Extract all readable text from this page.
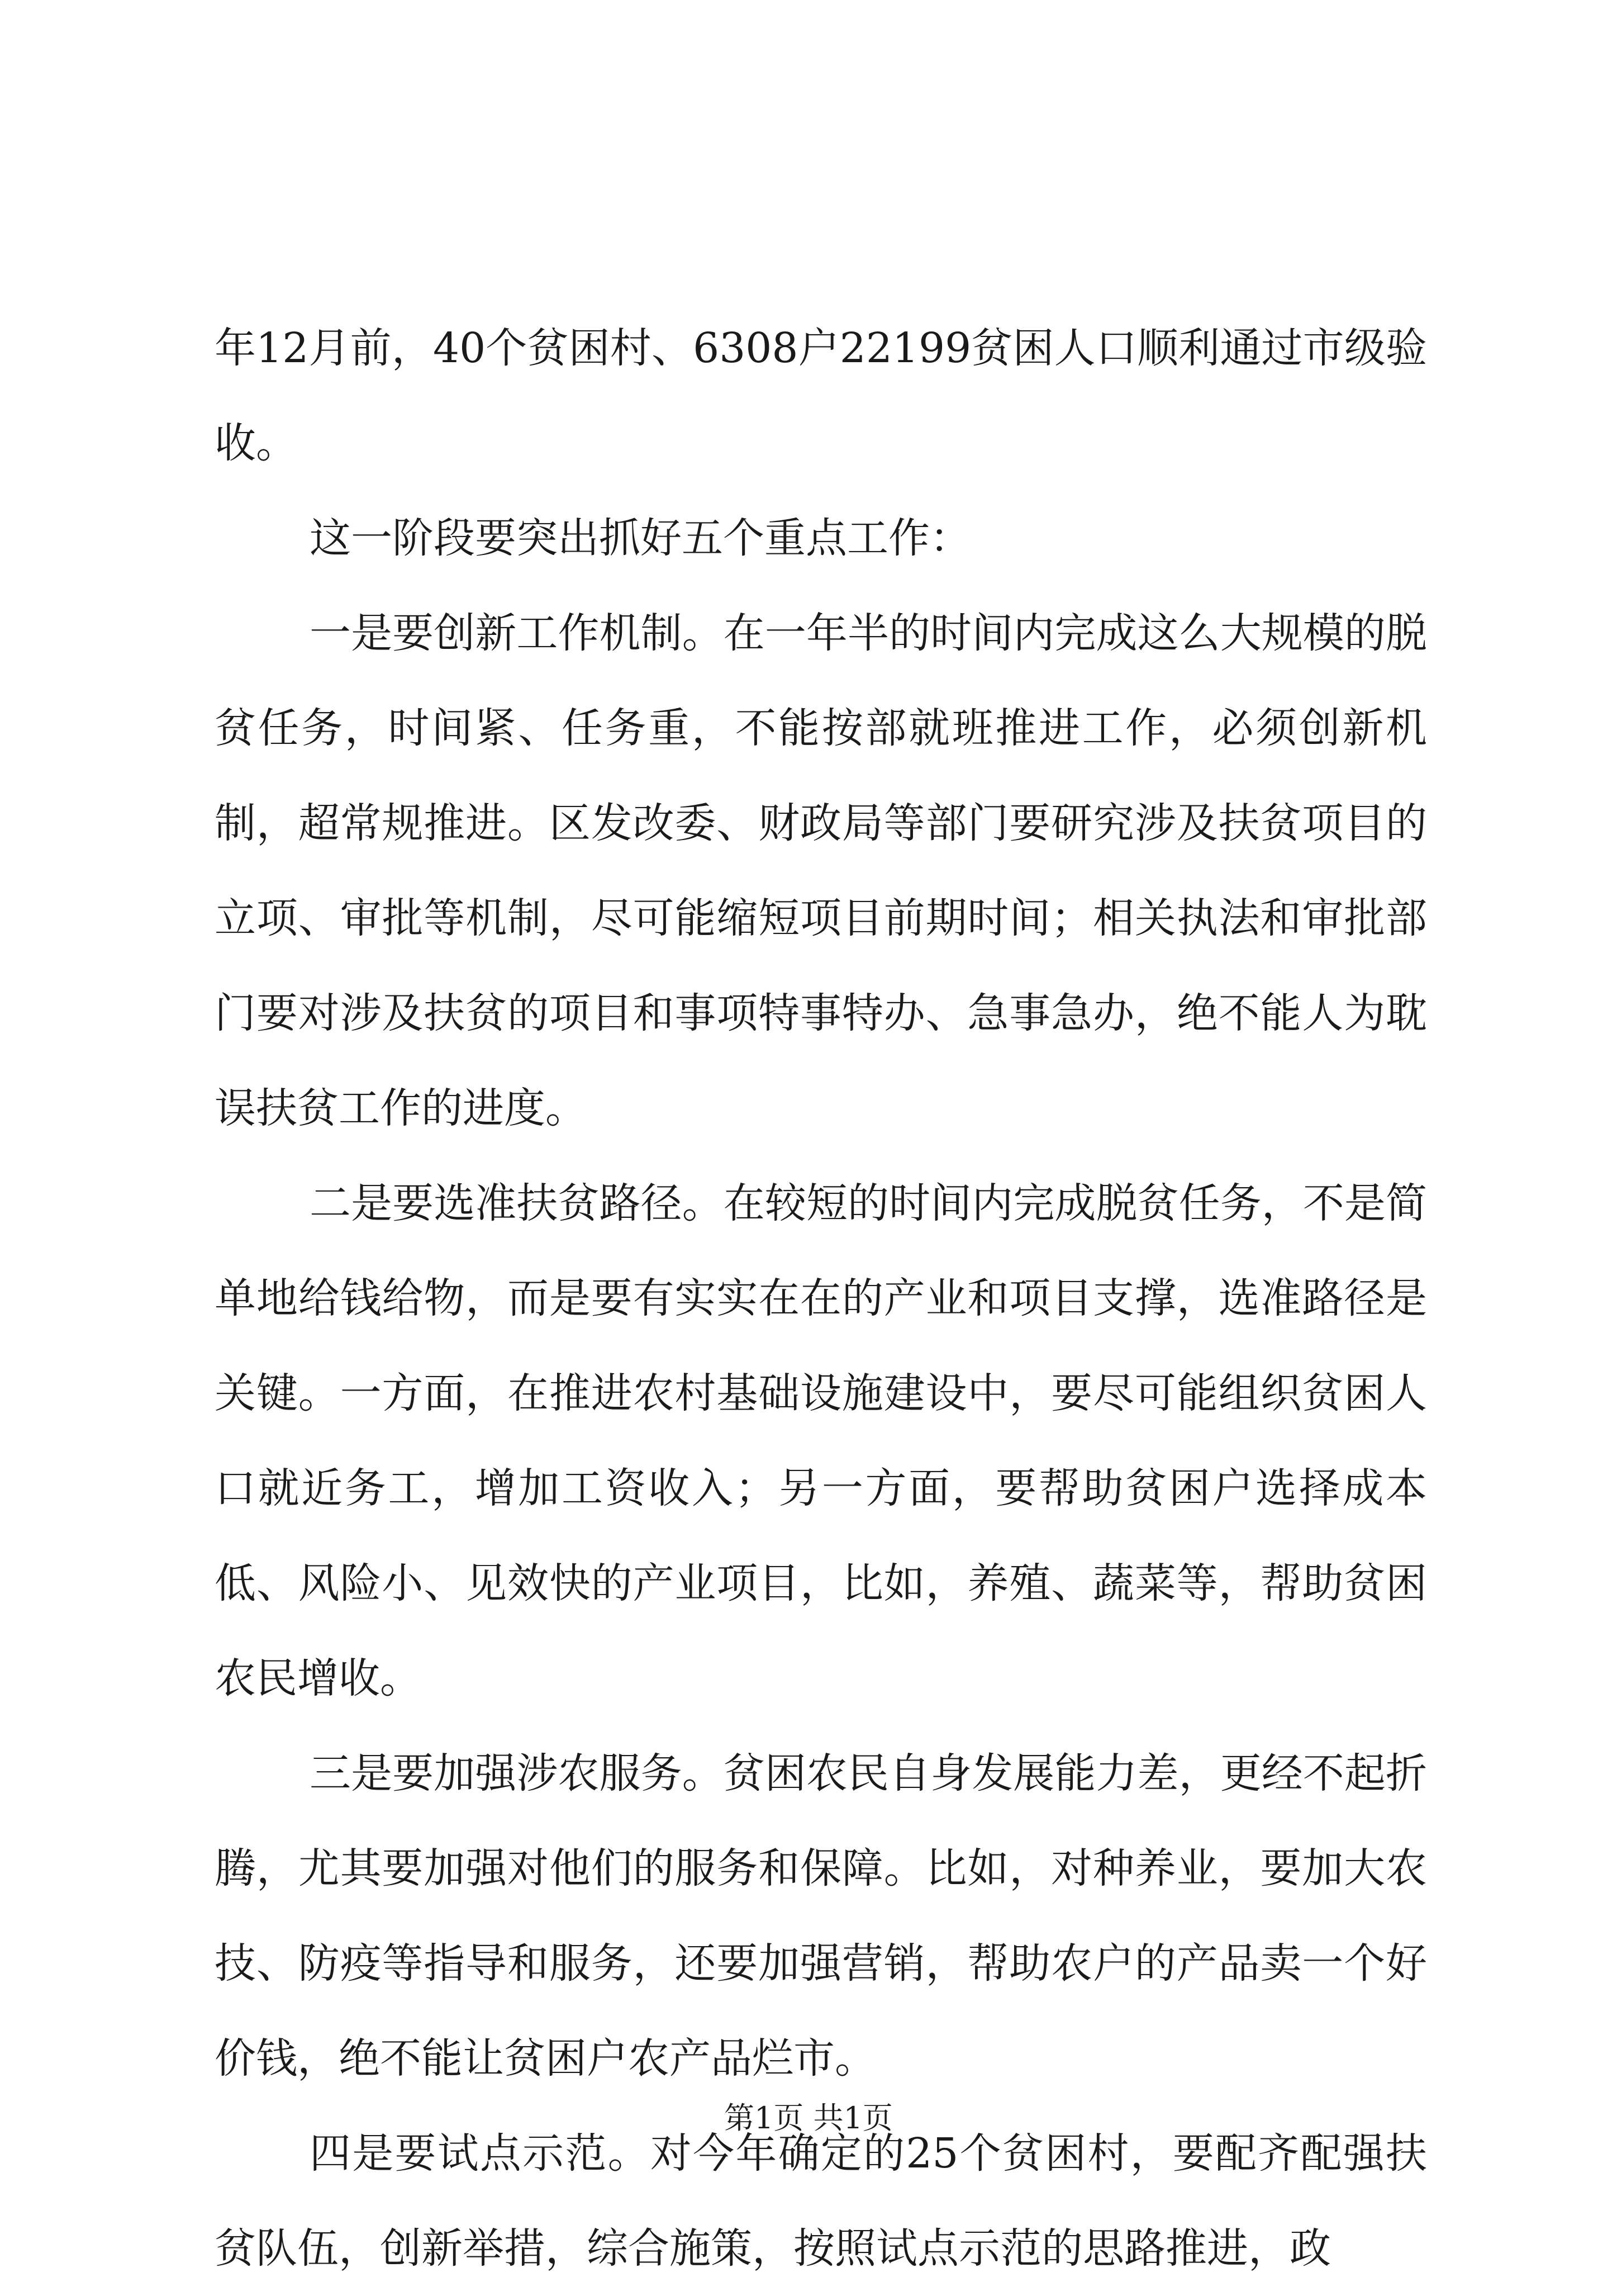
年12月前，40个贫困村、6308户22199贫困人口顺利通过市级验收。

这一阶段要突出抓好五个重点工作：

一是要创新工作机制。在一年半的时间内完成这么大规模的脱贫任务，时间紧、任务重，不能按部就班推进工作，必须创新机制，超常规推进。区发改委、财政局等部门要研究涉及扶贫项目的立项、审批等机制，尽可能缩短项目前期时间；相关执法和审批部门要对涉及扶贫的项目和事项特事特办、急事急办，绝不能人为耽误扶贫工作的进度。

二是要选准扶贫路径。在较短的时间内完成脱贫任务，不是简单地给钱给物，而是要有实实在在的产业和项目支撑，选准路径是关键。一方面，在推进农村基础设施建设中，要尽可能组织贫困人口就近务工，增加工资收入；另一方面，要帮助贫困户选择成本低、风险小、见效快的产业项目，比如，养殖、蔬菜等，帮助贫困农民增收。

三是要加强涉农服务。贫困农民自身发展能力差，更经不起折腾，尤其要加强对他们的服务和保障。比如，对种养业，要加大农技、防疫等指导和服务，还要加强营销，帮助农户的产品卖一个好价钱，绝不能让贫困户农产品烂市。

四是要试点示范。对今年确定的25个贫困村，要配齐配强扶贫队伍，创新举措，综合施策，按照试点示范的思路推进，政

第1页 共1页
